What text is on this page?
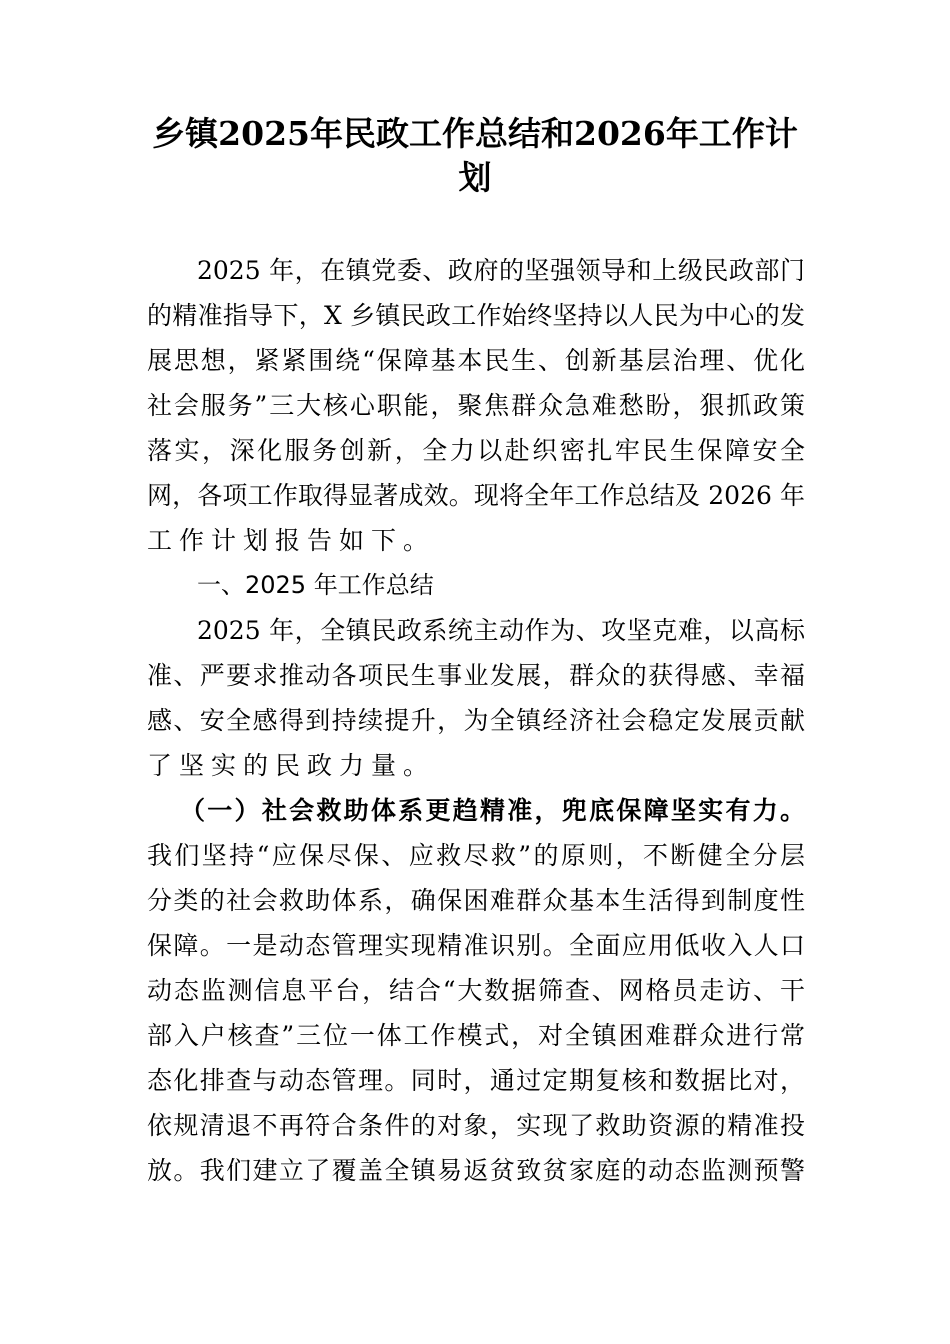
乡镇2025年民政工作总结和2026年工作计
划
2025 年，在镇党委、政府的坚强领导和上级民政部门
的精准指导下，X 乡镇民政工作始终坚持以人民为中心的发
展思想，紧紧围绕“保障基本民生、创新基层治理、优化
社会服务”三大核心职能，聚焦群众急难愁盼，狠抓政策
落实，深化服务创新，全力以赴织密扎牢民生保障安全
网，各项工作取得显著成效。现将全年工作总结及 2026 年
工作计划报告如下。
一、2025 年工作总结
2025 年，全镇民政系统主动作为、攻坚克难，以高标
准、严要求推动各项民生事业发展，群众的获得感、幸福
感、安全感得到持续提升，为全镇经济社会稳定发展贡献
了坚实的民政力量。
（一）社会救助体系更趋精准，兜底保障坚实有力。
我们坚持“应保尽保、应救尽救”的原则，不断健全分层
分类的社会救助体系，确保困难群众基本生活得到制度性
保障。一是动态管理实现精准识别。全面应用低收入人口
动态监测信息平台，结合“大数据筛查、网格员走访、干
部入户核查”三位一体工作模式，对全镇困难群众进行常
态化排查与动态管理。同时，通过定期复核和数据比对，
依规清退不再符合条件的对象，实现了救助资源的精准投
放。我们建立了覆盖全镇易返贫致贫家庭的动态监测预警
